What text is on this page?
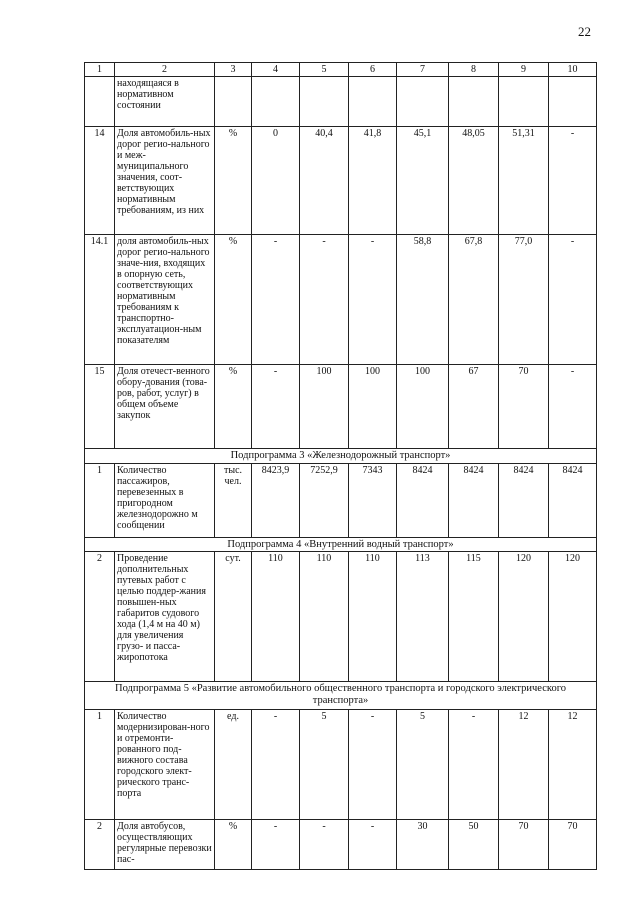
22
1	2	3	4	5	6	7	8	9	10
	находящаяся в нормативном состоянии								
14	Доля автомобиль-ных дорог регио-нального и меж-муниципального значения, соот-ветствующих нормативным требованиям, из них	%	0	40,4	41,8	45,1	48,05	51,31	-
14.1	доля автомобиль-ных дорог регио-нального значе-ния, входящих в опорную сеть, соответствующих нормативным требованиям к транспортно-эксплуатацион-ным показателям	%	-	-	-	58,8	67,8	77,0	-
15	Доля отечест-венного обору-дования (това-ров, работ, услуг) в общем объеме закупок	%	-	100	100	100	67	70	-
Подпрограмма 3 «Железнодорожный транспорт»									
1	Количество пассажиров, перевезенных в пригородном железнодорожно м сообщении	тыс. чел.	8423,9	7252,9	7343	8424	8424	8424	8424
Подпрограмма 4 «Внутренний водный транспорт»									
2	Проведение дополнительных путевых работ с целью поддер-жания повышен-ных габаритов судового хода (1,4 м на 40 м) для увеличения грузо- и пасса-жиропотока	сут.	110	110	110	113	115	120	120
Подпрограмма 5 «Развитие автомобильного общественного транспорта и городского электрического транспорта»									
1	Количество модернизирован-ного и отремонти-рованного под-вижного состава городского элект-рического транс-порта	ед.	-	5	-	5	-	12	12
2	Доля автобусов, осуществляющих регулярные перевозки пас-	%	-	-	-	30	50	70	70
